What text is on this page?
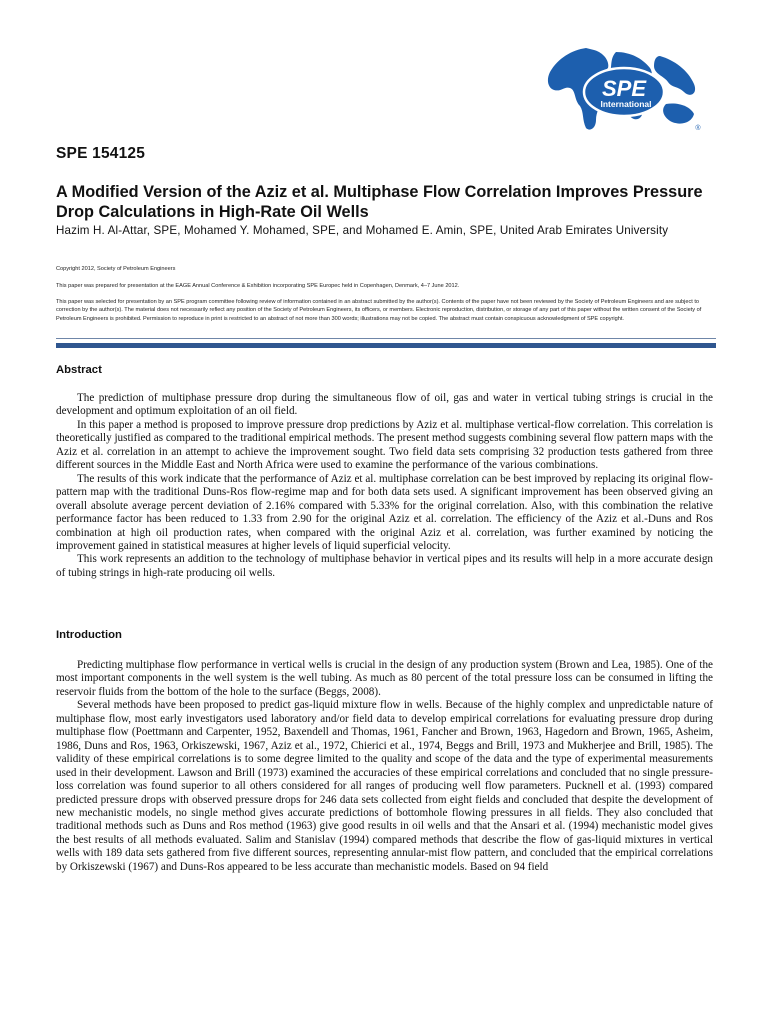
SPE
International
®
SPE 154125
A Modified Version of the Aziz et al. Multiphase Flow Correlation Improves Pressure Drop Calculations in High-Rate Oil Wells
Hazim H. Al-Attar, SPE, Mohamed Y. Mohamed, SPE, and Mohamed E. Amin, SPE, United Arab Emirates University

Copyright 2012, Society of Petroleum Engineers

This paper was prepared for presentation at the EAGE Annual Conference & Exhibition incorporating SPE Europec held in Copenhagen, Denmark, 4–7 June 2012.

This paper was selected for presentation by an SPE program committee following review of information contained in an abstract submitted by the author(s). Contents of the paper have not been reviewed by the Society of Petroleum Engineers and are subject to correction by the author(s). The material does not necessarily reflect any position of the Society of Petroleum Engineers, its officers, or members. Electronic reproduction, distribution, or storage of any part of this paper without the written consent of the Society of Petroleum Engineers is prohibited. Permission to reproduce in print is restricted to an abstract of not more than 300 words; illustrations may not be copied. The abstract must contain conspicuous acknowledgment of SPE copyright.

Abstract

The prediction of multiphase pressure drop during the simultaneous flow of oil, gas and water in vertical tubing strings is crucial in the development and optimum exploitation of an oil field.

In this paper a method is proposed to improve pressure drop predictions by Aziz et al. multiphase vertical-flow correlation. This correlation is theoretically justified as compared to the traditional empirical methods. The present method suggests combining several flow pattern maps with the Aziz et al. correlation in an attempt to achieve the improvement sought. Two field data sets comprising 32 production tests gathered from three different sources in the Middle East and North Africa were used to examine the performance of the various combinations.

The results of this work indicate that the performance of Aziz et al. multiphase correlation can be best improved by replacing its original flow-pattern map with the traditional Duns-Ros flow-regime map and for both data sets used. A significant improvement has been observed giving an overall absolute average percent deviation of 2.16% compared with 5.33% for the original correlation. Also, with this combination the relative performance factor has been reduced to 1.33 from 2.90 for the original Aziz et al. correlation. The efficiency of the Aziz et al.-Duns and Ros combination at high oil production rates, when compared with the original Aziz et al. correlation, was further examined by noticing the improvement gained in statistical measures at higher levels of liquid superficial velocity.

This work represents an addition to the technology of multiphase behavior in vertical pipes and its results will help in a more accurate design of tubing strings in high-rate producing oil wells.

Introduction

Predicting multiphase flow performance in vertical wells is crucial in the design of any production system (Brown and Lea, 1985). One of the most important components in the well system is the well tubing. As much as 80 percent of the total pressure loss can be consumed in lifting the reservoir fluids from the bottom of the hole to the surface (Beggs, 2008).

Several methods have been proposed to predict gas-liquid mixture flow in wells. Because of the highly complex and unpredictable nature of multiphase flow, most early investigators used laboratory and/or field data to develop empirical correlations for evaluating pressure drop during multiphase flow (Poettmann and Carpenter, 1952, Baxendell and Thomas, 1961, Fancher and Brown, 1963, Hagedorn and Brown, 1965, Asheim, 1986, Duns and Ros, 1963, Orkiszewski, 1967, Aziz et al., 1972, Chierici et al., 1974, Beggs and Brill, 1973 and Mukherjee and Brill, 1985). The validity of these empirical correlations is to some degree limited to the quality and scope of the data and the type of experimental measurements used in their development. Lawson and Brill (1973) examined the accuracies of these empirical correlations and concluded that no single pressure-loss correlation was found superior to all others considered for all ranges of producing well flow parameters. Pucknell et al. (1993) compared predicted pressure drops with observed pressure drops for 246 data sets collected from eight fields and concluded that despite the development of new mechanistic models, no single method gives accurate predictions of bottomhole flowing pressures in all fields. They also concluded that traditional methods such as Duns and Ros method (1963) give good results in oil wells and that the Ansari et al. (1994) mechanistic model gives the best results of all methods evaluated. Salim and Stanislav (1994) compared methods that describe the flow of gas-liquid mixtures in vertical wells with 189 data sets gathered from five different sources, representing annular-mist flow pattern, and concluded that the empirical correlations by Orkiszewski (1967) and Duns-Ros appeared to be less accurate than mechanistic models. Based on 94 field
